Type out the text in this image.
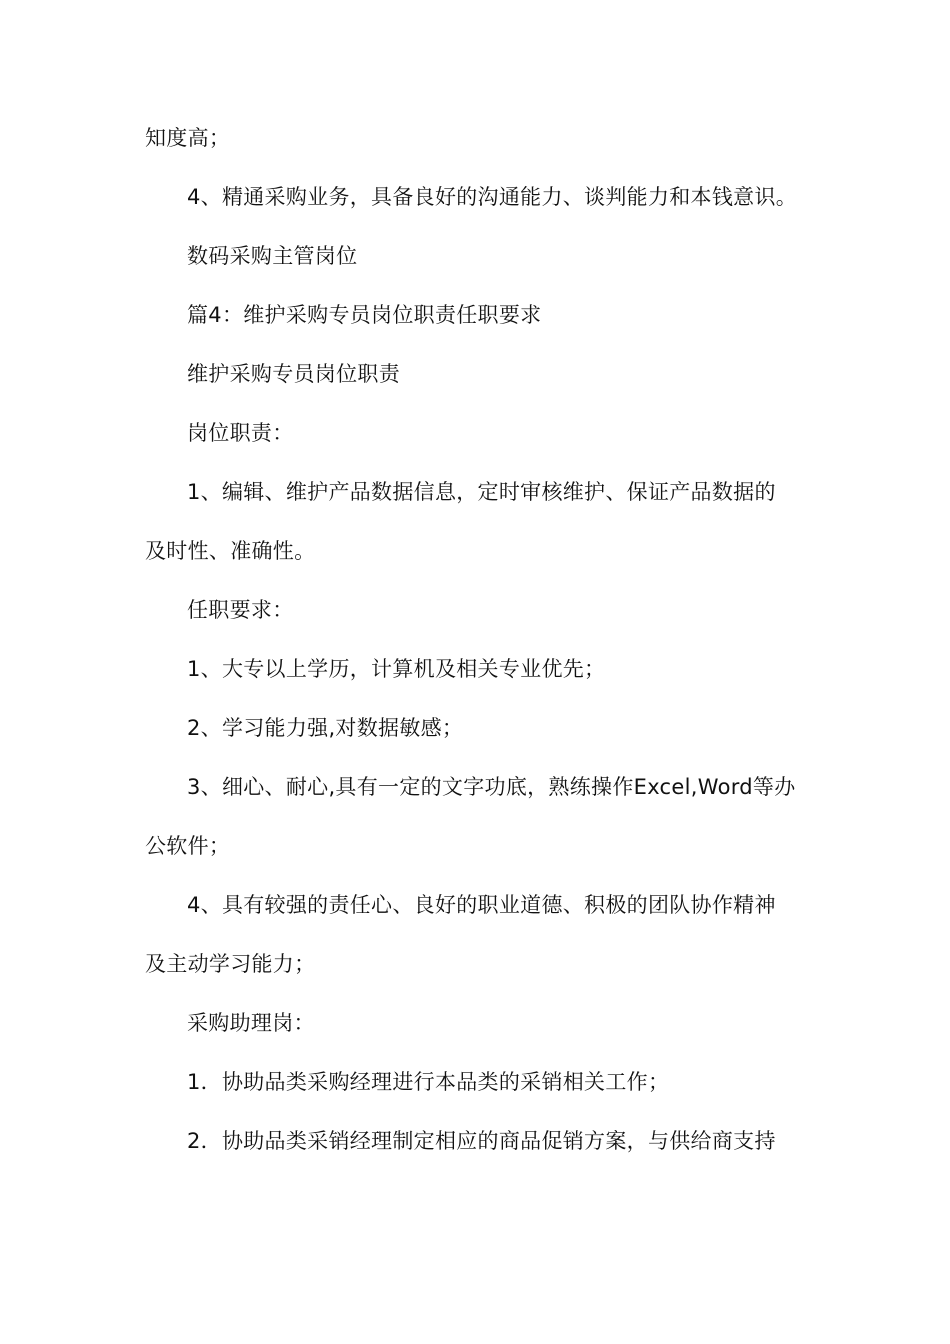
知度高；
4、精通采购业务，具备良好的沟通能力、谈判能力和本钱意识。
数码采购主管岗位
篇4：维护采购专员岗位职责任职要求
维护采购专员岗位职责
岗位职责：
1、编辑、维护产品数据信息，定时审核维护、保证产品数据的
及时性、准确性。
任职要求：
1、大专以上学历，计算机及相关专业优先；
2、学习能力强,对数据敏感；
3、细心、耐心,具有一定的文字功底，熟练操作Excel,Word等办
公软件；
4、具有较强的责任心、良好的职业道德、积极的团队协作精神
及主动学习能力；
采购助理岗：
1．协助品类采购经理进行本品类的采销相关工作；
2．协助品类采销经理制定相应的商品促销方案，与供给商支持
